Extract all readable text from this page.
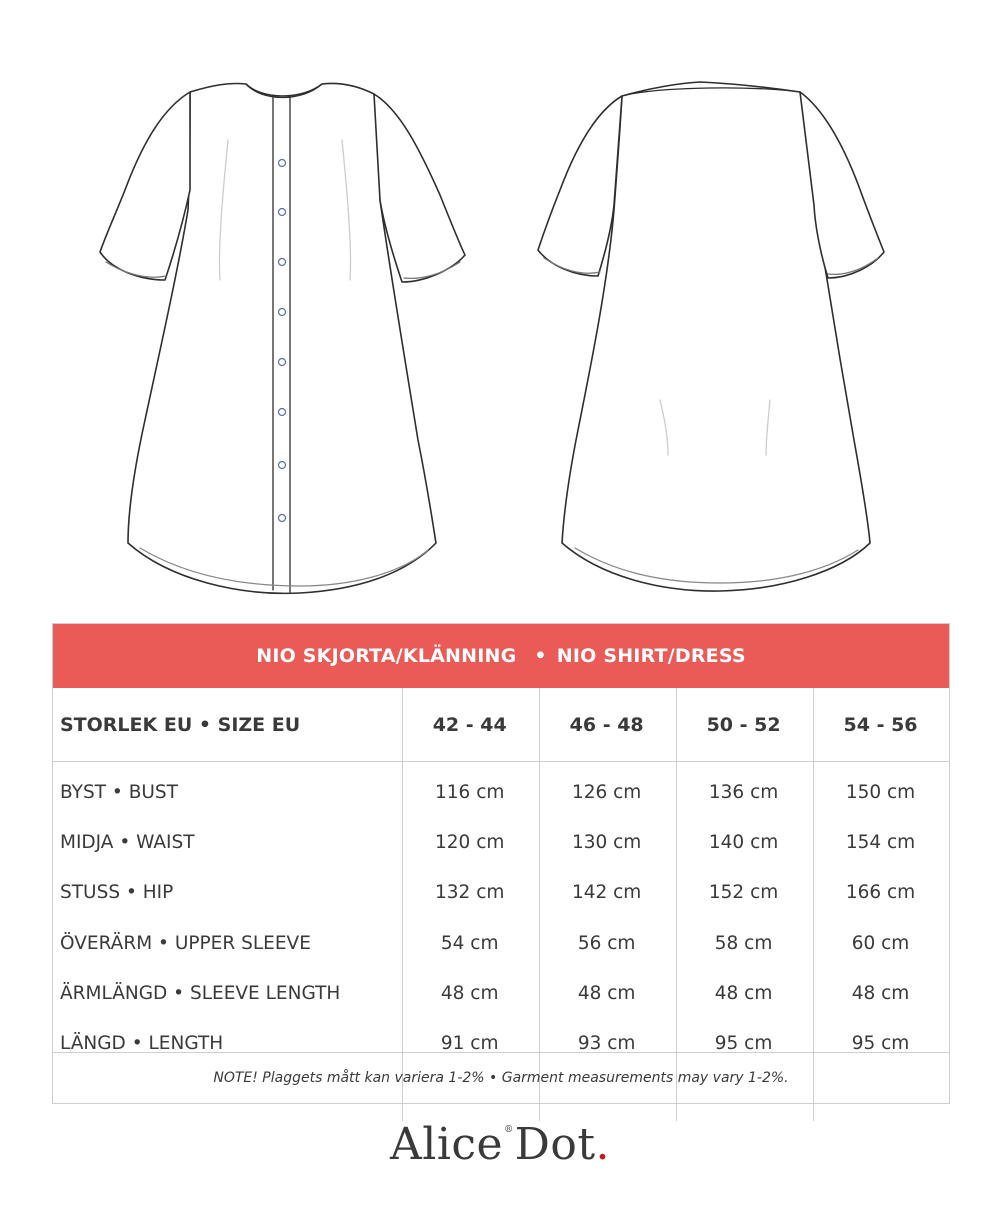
NIO SKJORTA/KLÄNNING • NIO SHIRT/DRESS
STORLEK EU • SIZE EU	42 - 44	46 - 48	50 - 52	54 - 56
BYST • BUST	116 cm	126 cm	136 cm	150 cm
MIDJA • WAIST	120 cm	130 cm	140 cm	154 cm
STUSS • HIP	132 cm	142 cm	152 cm	166 cm
ÖVERÄRM • UPPER SLEEVE	54 cm	56 cm	58 cm	60 cm
ÄRMLÄNGD • SLEEVE LENGTH	48 cm	48 cm	48 cm	48 cm
LÄNGD • LENGTH	91 cm	93 cm	95 cm	95 cm
NOTE! Plaggets mått kan variera 1-2% • Garment measurements may vary 1-2%.
Alice ® Dot .
